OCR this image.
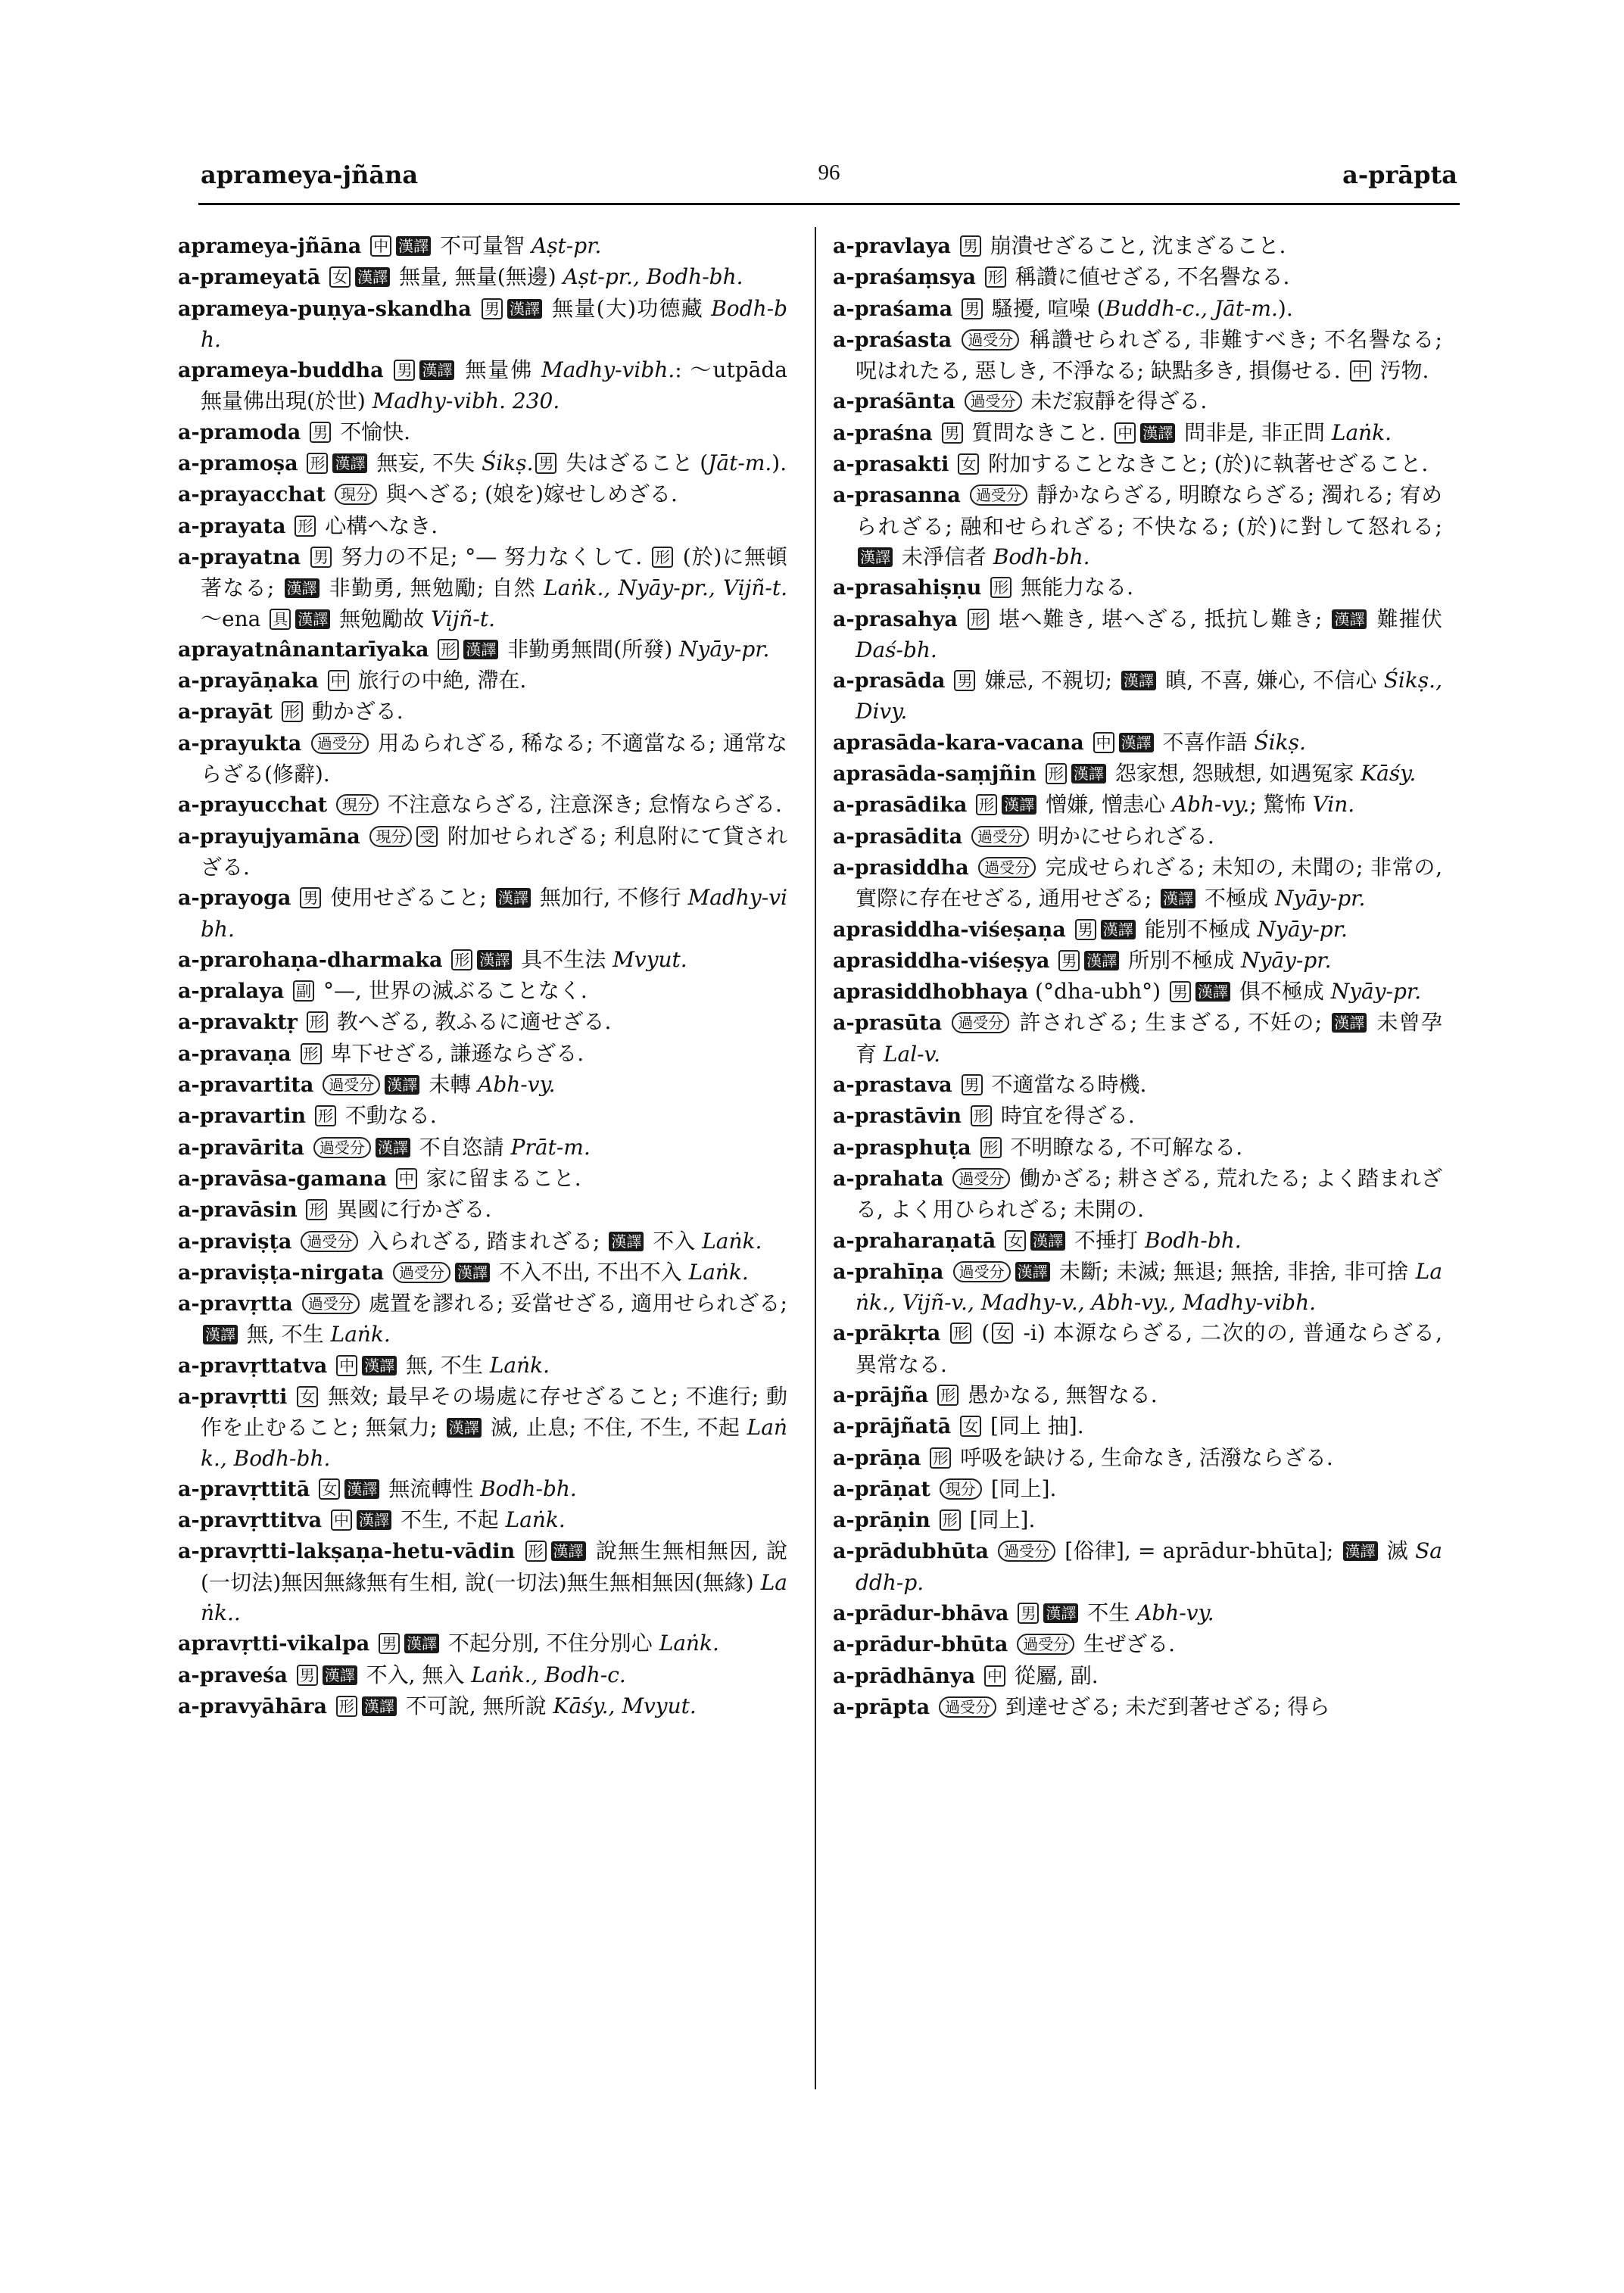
aprameya-jñāna	96	a-prāpta

aprameya-jñāna 中 漢譯 不可量智 Aṣt-pr.

a-prameyatā 女 漢譯 無量, 無量(無邊) Aṣt-pr., Bodh-bh.

aprameya-puṇya-skandha 男 漢譯 無量(大)功德藏 Bodh-bh.

aprameya-buddha 男 漢譯 無量佛 Madhy-vibh.: 〜utpāda 無量佛出現(於世) Madhy-vibh. 230.

a-pramoda 男 不愉快.

a-pramoṣa 形 漢譯 無妄, 不失 Śikṣ. 男 失はざること (Jāt-m.).

a-prayacchat 現分 與へざる; (娘を)嫁せしめざる.

a-prayata 形 心構へなき.

a-prayatna 男 努力の不足; °— 努力なくして. 形 (於)に無頓著なる; 漢譯 非勤勇, 無勉勵; 自然 Laṅk., Nyāy-pr., Vijñ-t. 〜ena 具 漢譯 無勉勵故 Vijñ-t.

aprayatnânantarīyaka 形 漢譯 非勤勇無間(所發) Nyāy-pr.

a-prayāṇaka 中 旅行の中絶, 滯在.

a-prayāt 形 動かざる.

a-prayukta 過受分 用ゐられざる, 稀なる; 不適當なる; 通常ならざる(修辭).

a-prayucchat 現分 不注意ならざる, 注意深き; 怠惰ならざる.

a-prayujyamāna 現分 受 附加せられざる; 利息附にて貸されざる.

a-prayoga 男 使用せざること; 漢譯 無加行, 不修行 Madhy-vibh.

a-prarohaṇa-dharmaka 形 漢譯 具不生法 Mvyut.

a-pralaya 副 °—, 世界の滅ぶることなく.

a-pravaktṛ 形 教へざる, 教ふるに適せざる.

a-pravaṇa 形 卑下せざる, 謙遜ならざる.

a-pravartita 過受分 漢譯 未轉 Abh-vy.

a-pravartin 形 不動なる.

a-pravārita 過受分 漢譯 不自恣請 Prāt-m.

a-pravāsa-gamana 中 家に留まること.

a-pravāsin 形 異國に行かざる.

a-praviṣṭa 過受分 入られざる, 踏まれざる; 漢譯 不入 Laṅk.

a-praviṣṭa-nirgata 過受分 漢譯 不入不出, 不出不入 Laṅk.

a-pravṛtta 過受分 處置を謬れる; 妥當せざる, 適用せられざる; 漢譯 無, 不生 Laṅk.

a-pravṛttatva 中 漢譯 無, 不生 Laṅk.

a-pravṛtti 女 無效; 最早その場處に存せざること; 不進行; 動作を止むること; 無氣力; 漢譯 滅, 止息; 不住, 不生, 不起 Laṅk., Bodh-bh.

a-pravṛttitā 女 漢譯 無流轉性 Bodh-bh.

a-pravṛttitva 中 漢譯 不生, 不起 Laṅk.

a-pravṛtti-lakṣaṇa-hetu-vādin 形 漢譯 說無生無相無因, 說(一切法)無因無緣無有生相, 說(一切法)無生無相無因(無緣) Laṅk..

apravṛtti-vikalpa 男 漢譯 不起分別, 不住分別心 Laṅk.

a-praveśa 男 漢譯 不入, 無入 Laṅk., Bodh-c.

a-pravyāhāra 形 漢譯 不可說, 無所說 Kāśy., Mvyut.

a-pravlaya 男 崩潰せざること, 沈まざること.

a-praśaṃsya 形 稱讚に値せざる, 不名譽なる.

a-praśama 男 騷擾, 喧噪 (Buddh-c., Jāt-m.).

a-praśasta 過受分 稱讚せられざる, 非難すべき; 不名譽なる; 呪はれたる, 惡しき, 不淨なる; 缺點多き, 損傷せる. 中 汚物.

a-praśānta 過受分 未だ寂靜を得ざる.

a-praśna 男 質問なきこと. 中 漢譯 問非是, 非正問 Laṅk.

a-prasakti 女 附加することなきこと; (於)に執著せざること.

a-prasanna 過受分 靜かならざる, 明瞭ならざる; 濁れる; 宥められざる; 融和せられざる; 不快なる; (於)に對して怒れる; 漢譯 未淨信者 Bodh-bh.

a-prasahiṣṇu 形 無能力なる.

a-prasahya 形 堪へ難き, 堪へざる, 抵抗し難き; 漢譯 難摧伏 Daś-bh.

a-prasāda 男 嫌忌, 不親切; 漢譯 瞋, 不喜, 嫌心, 不信心 Śikṣ., Divy.

aprasāda-kara-vacana 中 漢譯 不喜作語 Śikṣ.

aprasāda-saṃjñin 形 漢譯 怨家想, 怨賊想, 如遇冤家 Kāśy.

a-prasādika 形 漢譯 憎嫌, 憎恚心 Abh-vy.; 驚怖 Vin.

a-prasādita 過受分 明かにせられざる.

a-prasiddha 過受分 完成せられざる; 未知の, 未聞の; 非常の, 實際に存在せざる, 通用せざる; 漢譯 不極成 Nyāy-pr.

aprasiddha-viśeṣaṇa 男 漢譯 能別不極成 Nyāy-pr.

aprasiddha-viśeṣya 男 漢譯 所別不極成 Nyāy-pr.

aprasiddhobhaya (°dha-ubh°) 男 漢譯 俱不極成 Nyāy-pr.

a-prasūta 過受分 許されざる; 生まざる, 不妊の; 漢譯 未曾孕育 Lal-v.

a-prastava 男 不適當なる時機.

a-prastāvin 形 時宜を得ざる.

a-prasphuṭa 形 不明瞭なる, 不可解なる.

a-prahata 過受分 働かざる; 耕さざる, 荒れたる; よく踏まれざる, よく用ひられざる; 未開の.

a-praharaṇatā 女 漢譯 不捶打 Bodh-bh.

a-prahīṇa 過受分 漢譯 未斷; 未滅; 無退; 無捨, 非捨, 非可捨 Laṅk., Vijñ-v., Madhy-v., Abh-vy., Madhy-vibh.

a-prākṛta 形 ( 女 -i) 本源ならざる, 二次的の, 普通ならざる, 異常なる.

a-prājña 形 愚かなる, 無智なる.

a-prājñatā 女 [同上 抽].

a-prāṇa 形 呼吸を缺ける, 生命なき, 活潑ならざる.

a-prāṇat 現分 [同上].

a-prāṇin 形 [同上].

a-prādubhūta 過受分 [俗律], = aprādur-bhūta]; 漢譯 滅 Saddh-p.

a-prādur-bhāva 男 漢譯 不生 Abh-vy.

a-prādur-bhūta 過受分 生ぜざる.

a-prādhānya 中 從屬, 副.

a-prāpta 過受分 到達せざる; 未だ到著せざる; 得ら
